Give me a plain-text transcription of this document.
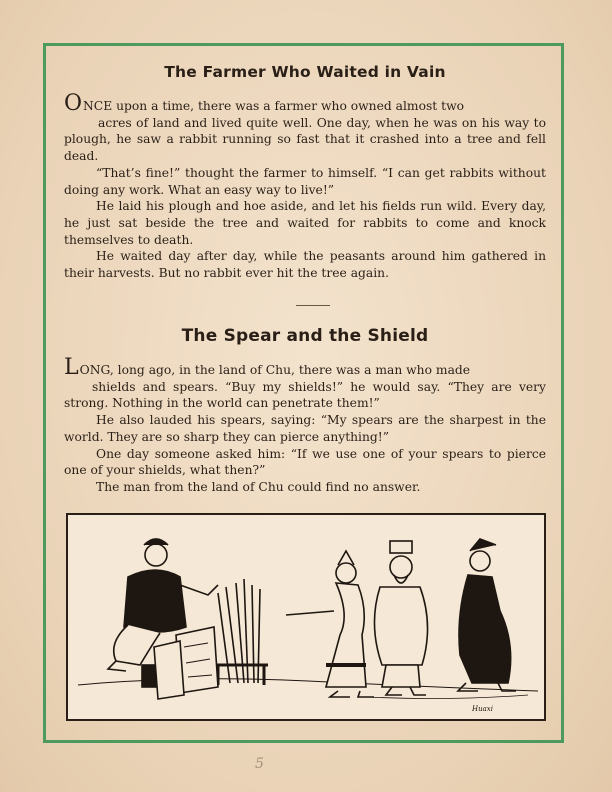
The Farmer Who Waited in Vain
O NCE upon a time, there was a farmer who owned almost two

acres of land and lived quite well. One day, when he was on his way to plough, he saw a rabbit running so fast that it crashed into a tree and fell dead.

“That’s fine!” thought the farmer to himself. “I can get rabbits without doing any work. What an easy way to live!”

He laid his plough and hoe aside, and let his fields run wild. Every day, he just sat beside the tree and waited for rabbits to come and knock themselves to death.

He waited day after day, while the peasants around him gathered in their harvests. But no rabbit ever hit the tree again.

The Spear and the Shield
L ONG, long ago, in the land of Chu, there was a man who made

shields and spears. “Buy my shields!” he would say. “They are very strong. Nothing in the world can penetrate them!”

He also lauded his spears, saying: “My spears are the sharpest in the world. They are so sharp they can pierce anything!”

One day someone asked him: “If we use one of your spears to pierce one of your shields, what then?”

The man from the land of Chu could find no answer.

Huaxi
5
